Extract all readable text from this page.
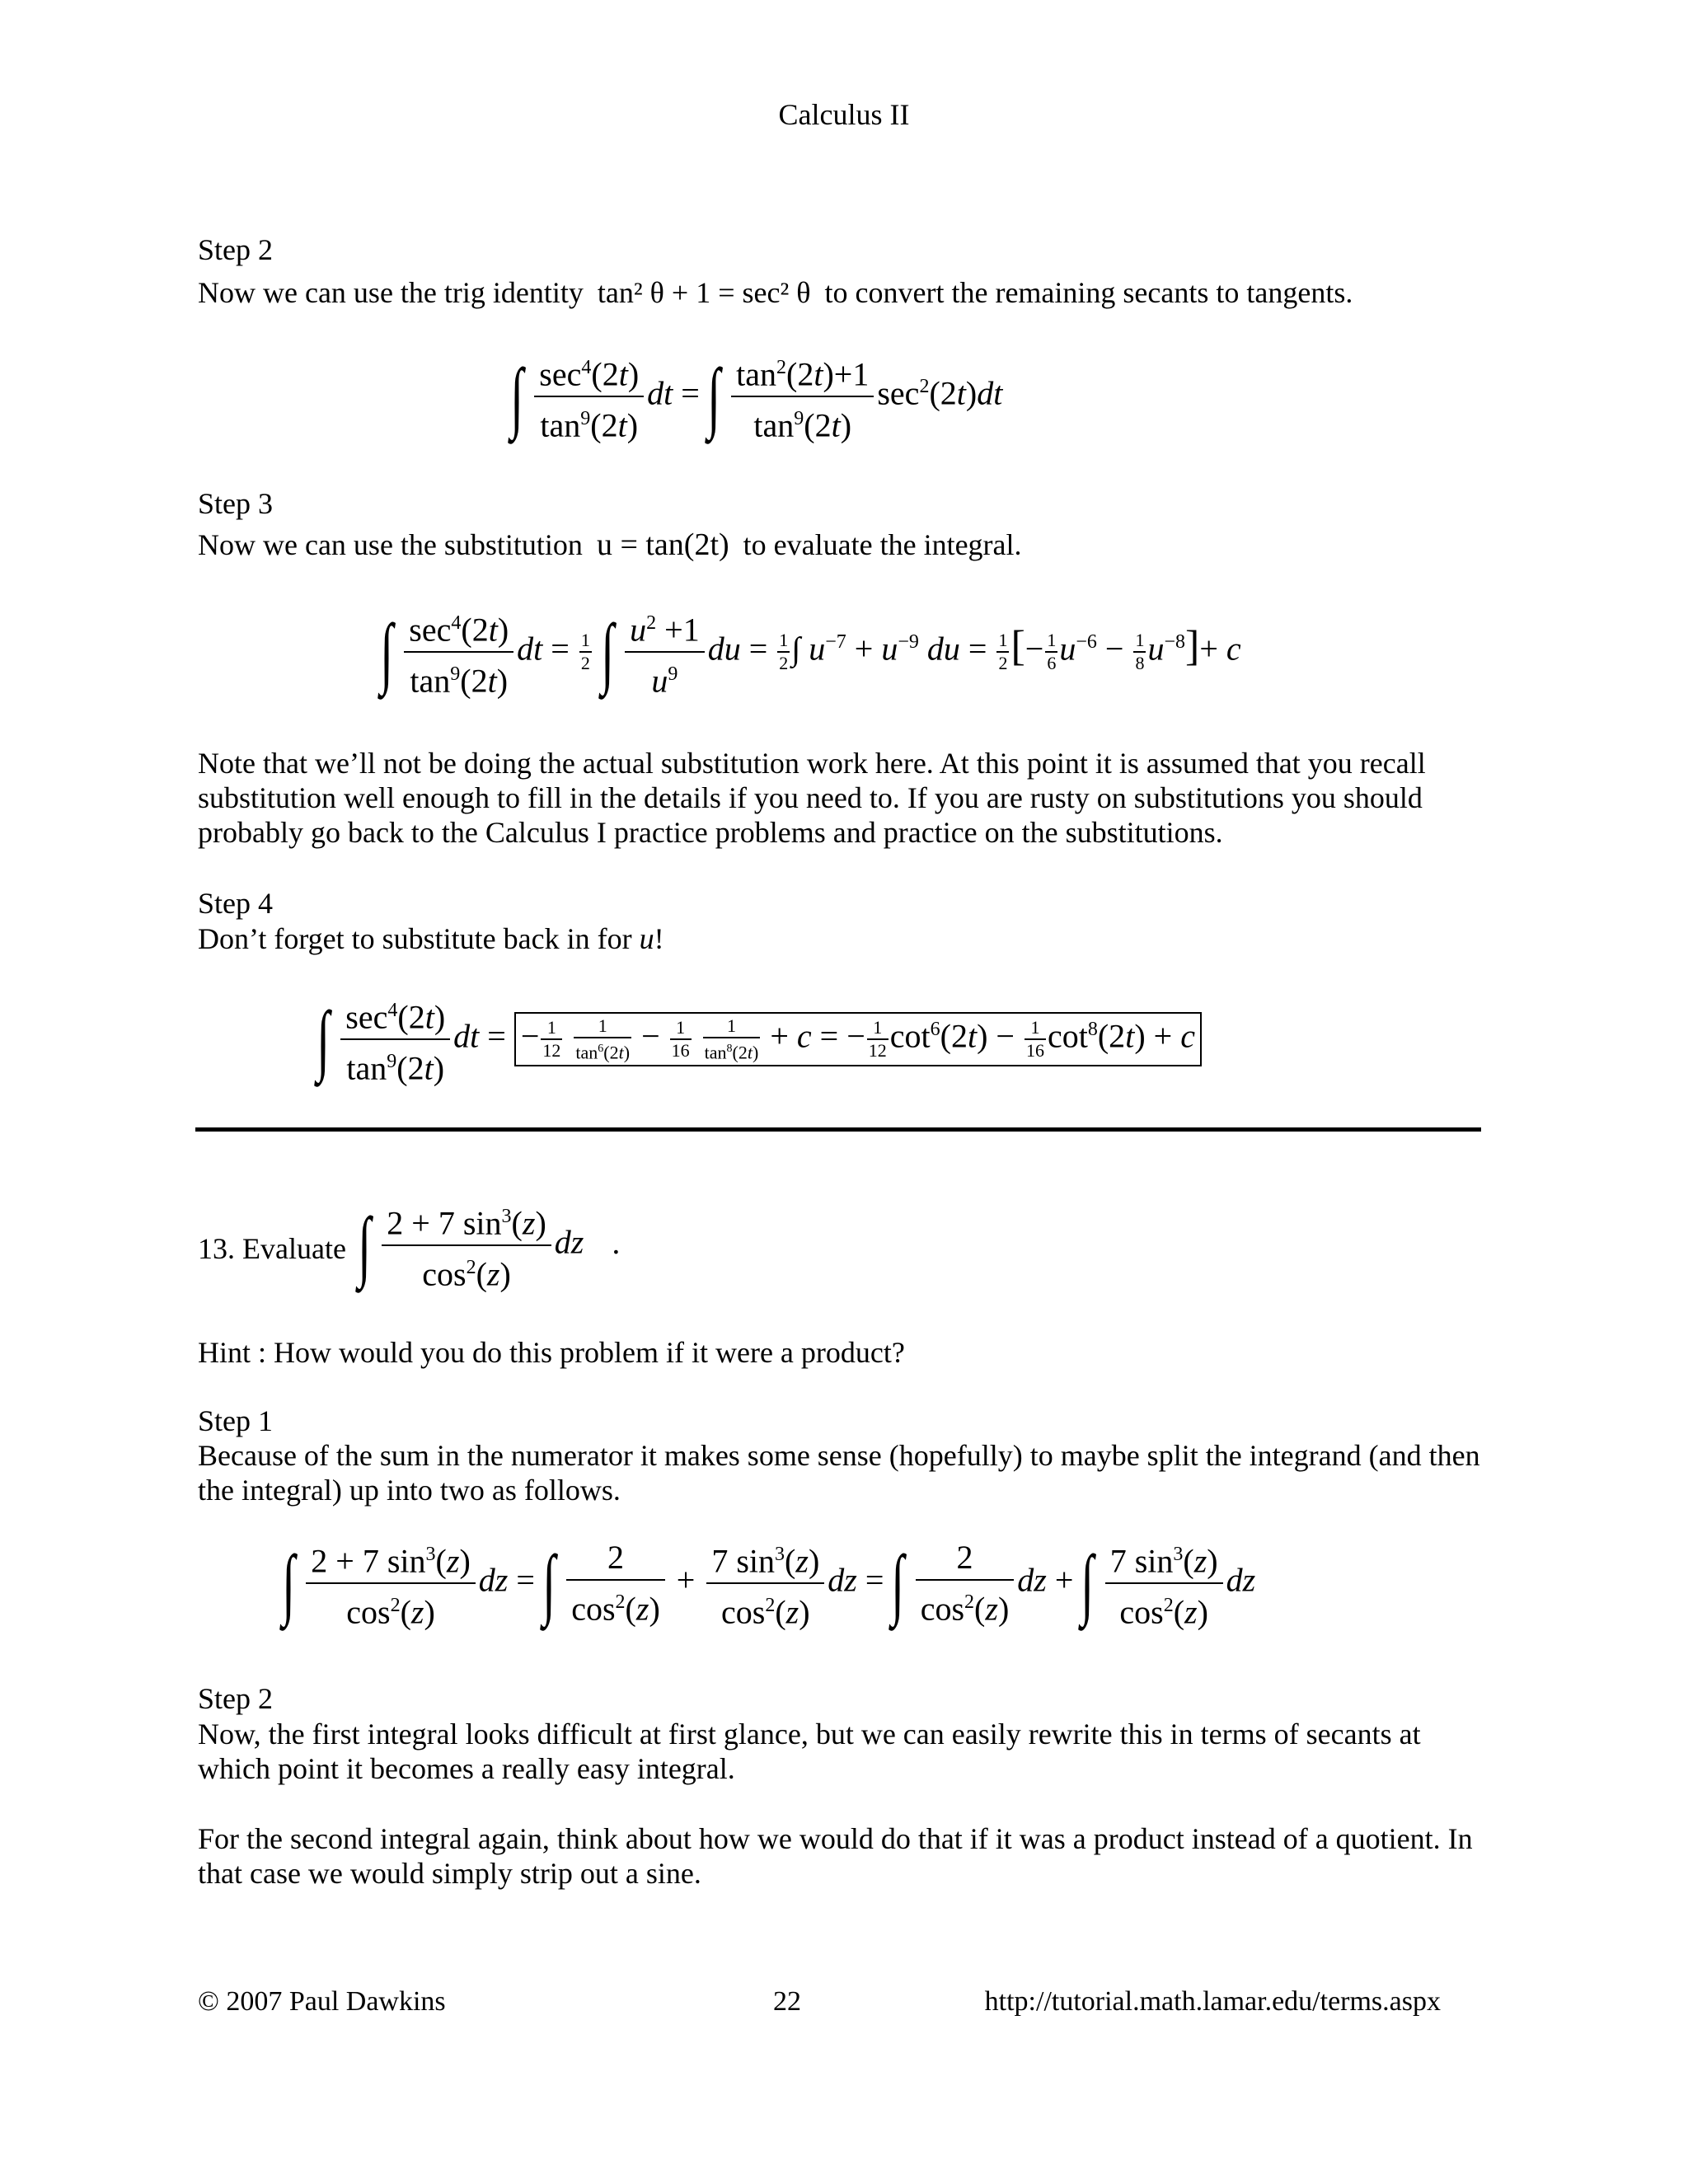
Calculus II
Step 2
Now we can use the trig identity tan² θ + 1 = sec² θ to convert the remaining secants to tangents.
∫ $\frac{\sec^4(2t)}{\tan^9(2t)}$ dt = ∫ $\frac{\tan^2(2t)+1}{\tan^9(2t)} \sec^2(2t)dt$
Step 3
Now we can use the substitution u = tan(2t) to evaluate the integral.
∫ $\frac{\sec^4(2t)}{\tan^9(2t)}$ dt = $\frac{1}{2}$ ∫ $\frac{u^2 +1}{u^9}$ du = $\frac{1}{2}$ ∫ $u^{-7} + u^{-9}$ du = $\frac{1}{2}$ [− $\frac{1}{6} u^{-6} - \frac{1}{8} u^{-8}]+ c$
Note that we’ll not be doing the actual substitution work here. At this point it is assumed that you recall substitution well enough to fill in the details if you need to. If you are rusty on substitutions you should probably go back to the Calculus I practice problems and practice on the substitutions.
Step 4
Don’t forget to substitute back in for u!
∫ $\frac{\sec^4(2t)}{\tan^9(2t)}$ dt = − $\frac{1}{12}$
$\frac{1}{\tan^6(2t)} - \frac{1}{16}$
$\frac{1}{\tan^8(2t)} + c$ = − $\frac{1}{12} \cot^6(2t) - \frac{1}{16} \cot^8(2t) + c$
13. Evaluate ∫ $\frac{2 + 7 \sin^3(z)}{\cos^2(z)}$ dz .
Hint : How would you do this problem if it were a product?
Step 1
Because of the sum in the numerator it makes some sense (hopefully) to maybe split the integrand (and then the integral) up into two as follows.
∫ $\frac{2 + 7 \sin^3(z)}{\cos^2(z)}$ dz = ∫ $\frac{2}{\cos^2(z)} + \frac{7 \sin^3(z)}{\cos^2(z)}$ dz = ∫ $\frac{2}{\cos^2(z)}$ dz + ∫ $\frac{7 \sin^3(z)}{\cos^2(z)}$ dz
Step 2
Now, the first integral looks difficult at first glance, but we can easily rewrite this in terms of secants at which point it becomes a really easy integral.
For the second integral again, think about how we would do that if it was a product instead of a quotient. In that case we would simply strip out a sine.
© 2007 Paul Dawkins	22	http://tutorial.math.lamar.edu/terms.aspx
